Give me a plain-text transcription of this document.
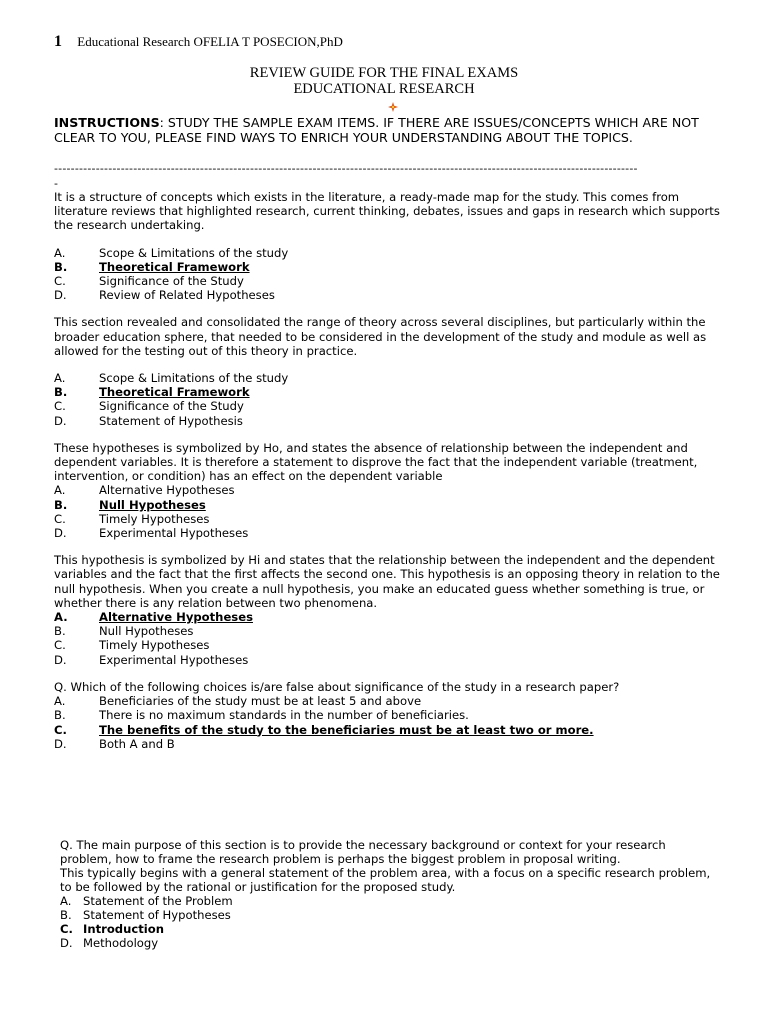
1 Educational Research OFELIA T POSECION,PhD
REVIEW GUIDE FOR THE FINAL EXAMS
EDUCATIONAL RESEARCH
INSTRUCTIONS: STUDY THE SAMPLE EXAM ITEMS. IF THERE ARE ISSUES/CONCEPTS WHICH ARE NOT CLEAR TO YOU, PLEASE FIND WAYS TO ENRICH YOUR UNDERSTANDING ABOUT THE TOPICS.
--------------------------------------------------------------------------------------------------------------------------------------------
-
It is a structure of concepts which exists in the literature, a ready-made map for the study. This comes from literature reviews that highlighted research, current thinking, debates, issues and gaps in research which supports the research undertaking.
A.	Scope & Limitations of the study
B.	Theoretical Framework
C.	Significance of the Study
D.	Review of Related Hypotheses
This section revealed and consolidated the range of theory across several disciplines, but particularly within the broader education sphere, that needed to be considered in the development of the study and module as well as allowed for the testing out of this theory in practice.
A.	Scope & Limitations of the study
B.	Theoretical Framework
C.	Significance of the Study
D.	Statement of Hypothesis
These hypotheses is symbolized by Ho, and states the absence of relationship between the independent and dependent variables. It is therefore a statement to disprove the fact that the independent variable (treatment, intervention, or condition) has an effect on the dependent variable
A.	Alternative Hypotheses
B.	Null Hypotheses
C.	Timely Hypotheses
D.	Experimental Hypotheses
This hypothesis is symbolized by Hi and states that the relationship between the independent and the dependent variables and the fact that the first affects the second one. This hypothesis is an opposing theory in relation to the null hypothesis. When you create a null hypothesis, you make an educated guess whether something is true, or whether there is any relation between two phenomena.
A.	Alternative Hypotheses
B.	Null Hypotheses
C.	Timely Hypotheses
D.	Experimental Hypotheses
Q. Which of the following choices is/are false about significance of the study in a research paper?
A.	Beneficiaries of the study must be at least 5 and above
B.	There is no maximum standards in the number of beneficiaries.
C.	The benefits of the study to the beneficiaries must be at least two or more.
D.	Both A and B
Q. The main purpose of this section is to provide the necessary background or context for your research problem, how to frame the research problem is perhaps the biggest problem in proposal writing.
This typically begins with a general statement of the problem area, with a focus on a specific research problem, to be followed by the rational or justification for the proposed study.
A. Statement of the Problem
B. Statement of Hypotheses
C. Introduction
D. Methodology
